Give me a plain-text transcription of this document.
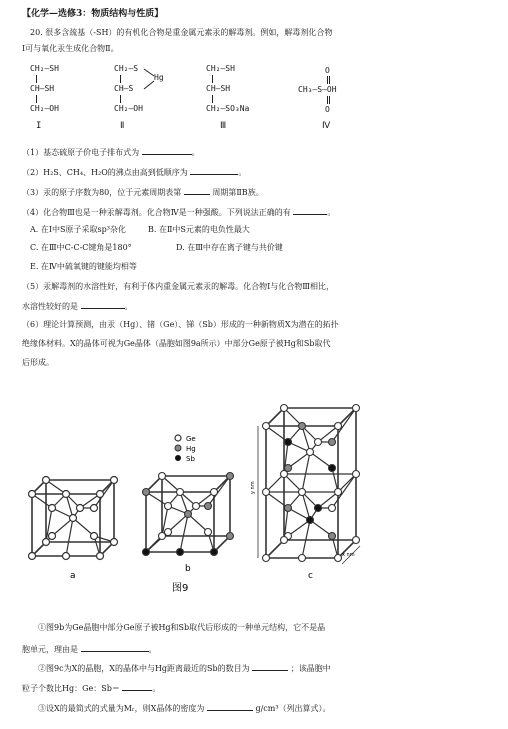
【化学—选修3：物质结构与性质】
20. 很多含巯基（-SH）的有机化合物是重金属元素汞的解毒剂。例如，解毒剂化合物
I可与氧化汞生成化合物Ⅱ。
CH₂—SH
CH—SH
CH₂—OH
I
CH₂—S
Hg
CH—S
CH₂—OH
Ⅱ
CH₂—SH
CH—SH
CH₂—SO₃Na
Ⅲ
O
CH₃—S—OH
O
Ⅳ
（1）基态硫原子价电子排布式为	。
（2）H₂S、CH₄、H₂O的沸点由高到低顺序为	。
（3）汞的原子序数为80，位于元素周期表第	周期第ⅡB族。
（4）化合物Ⅲ也是一种汞解毒剂。化合物Ⅳ是一种强酸。下列说法正确的有	。
A. 在Ⅰ中S原子采取sp³杂化	B. 在Ⅱ中S元素的电负性最大
C. 在Ⅲ中C-C-C键角是180°	D. 在Ⅲ中存在离子键与共价键
E. 在Ⅳ中硫氧键的键能均相等
（5）汞解毒剂的水溶性好，有利于体内重金属元素汞的解毒。化合物Ⅰ与化合物Ⅲ相比，
水溶性较好的是	。
（6）理论计算预测，由汞（Hg）、锗（Ge）、锑（Sb）形成的一种新物质X为潜在的拓扑
绝缘体材料。X的晶体可视为Ge晶体（晶胞如图9a所示）中部分Ge原子被Hg和Sb取代
后形成。
Ge
Hg
Sb
y nm
x nm
a
b
c
图9
①图9b为Ge晶胞中部分Ge原子被Hg和Sb取代后形成的一种单元结构，它不是晶
胞单元，理由是	。
②图9c为X的晶胞，X的晶体中与Hg距离最近的Sb的数目为	；该晶胞中
粒子个数比Hg：Ge：Sb＝	。
③设X的最简式的式量为Mᵣ，则X晶体的密度为	g/cm³（列出算式）。
